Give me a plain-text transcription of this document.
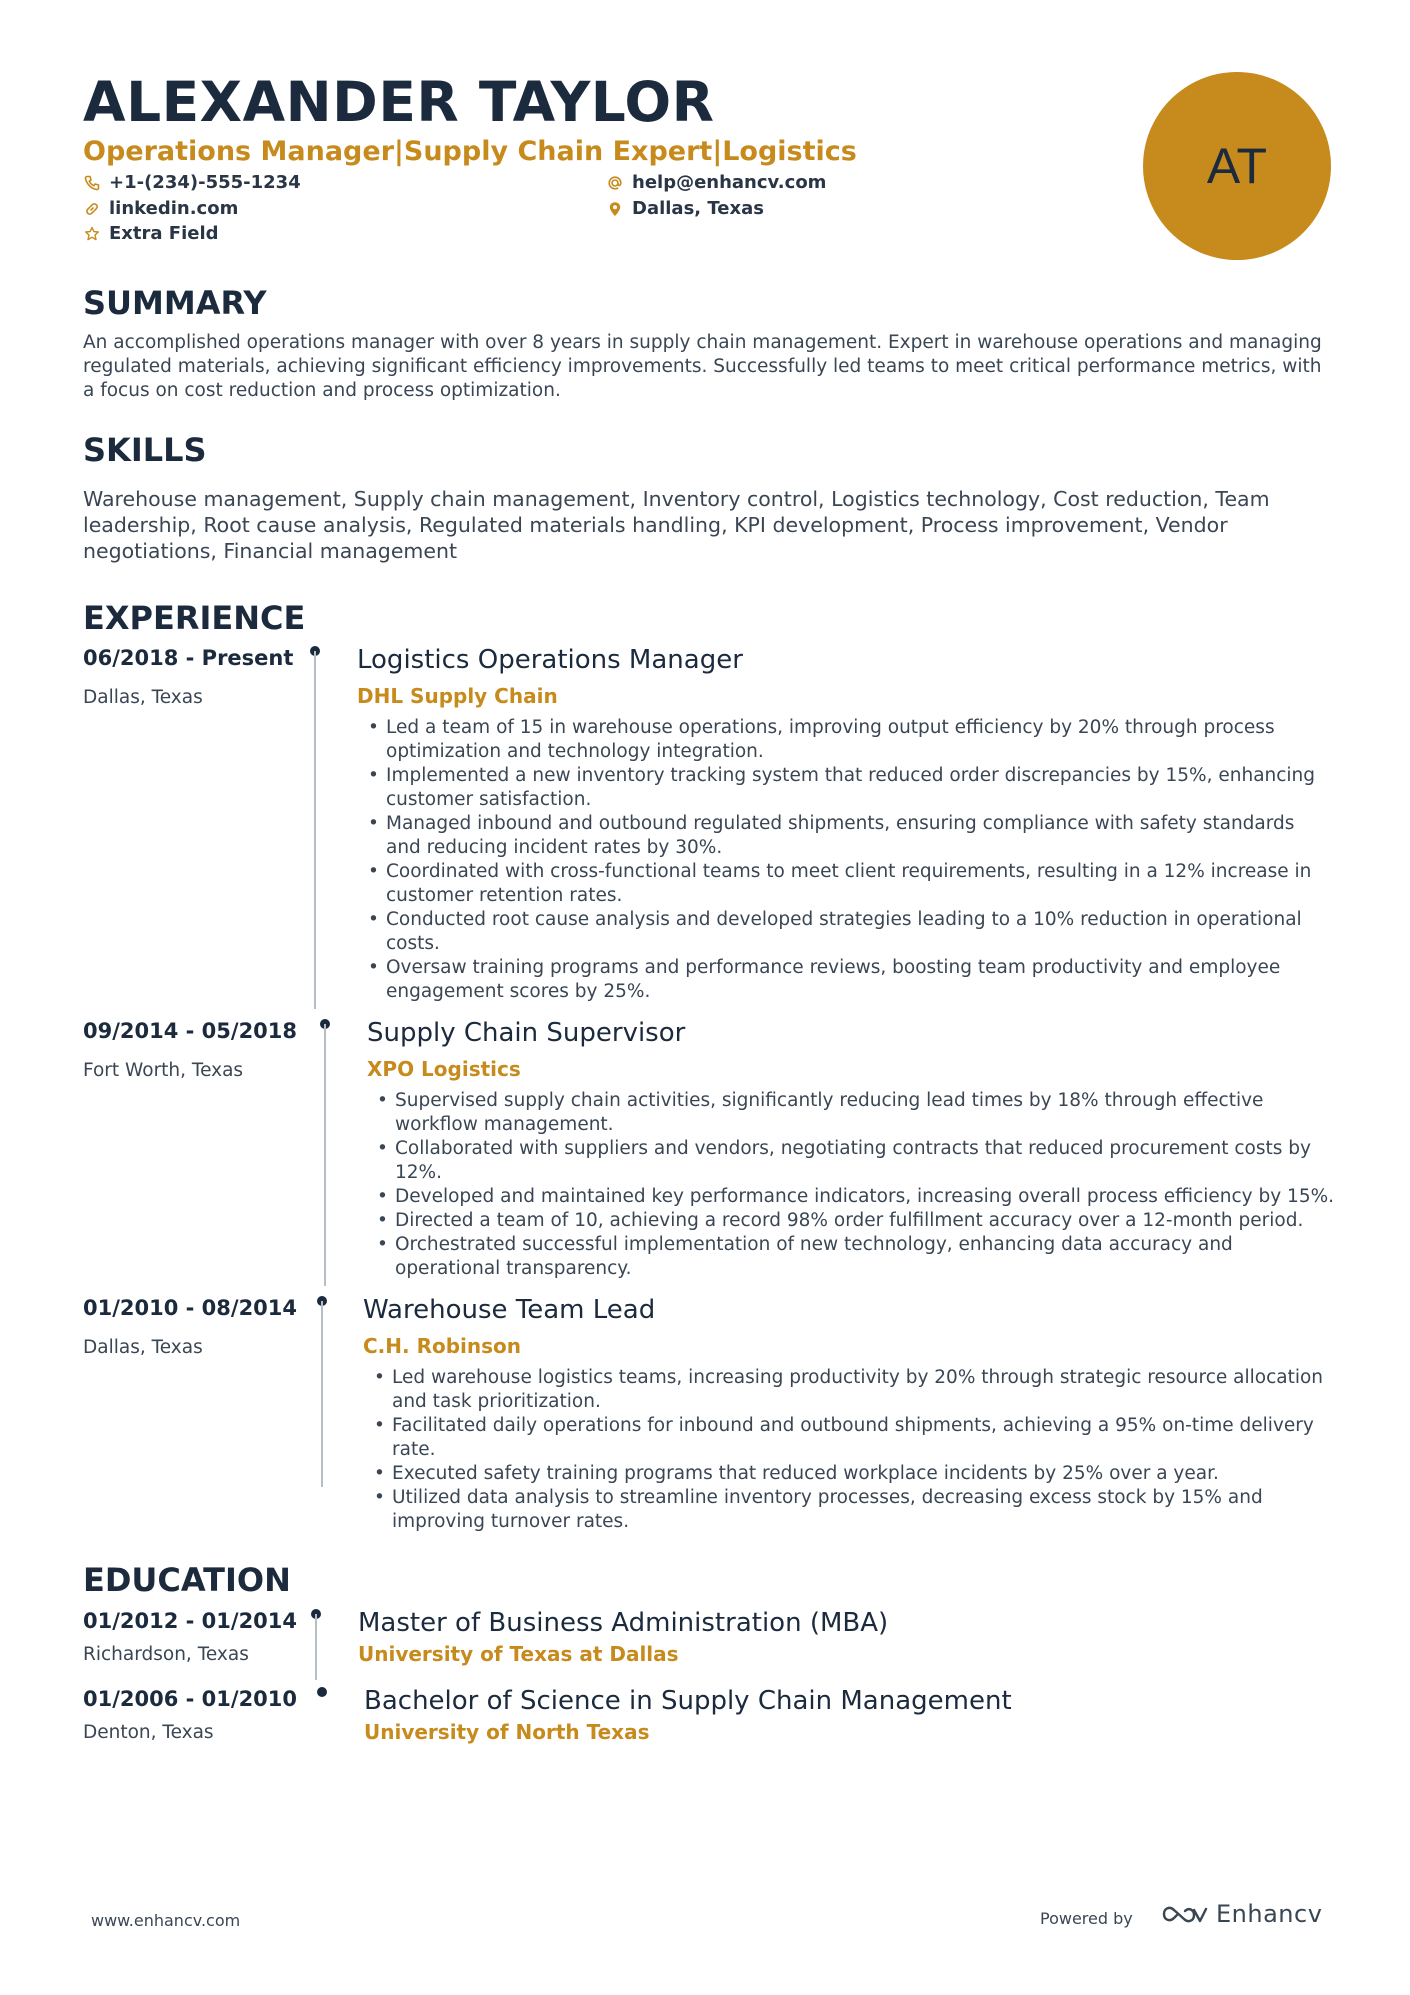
ALEXANDER TAYLOR
Operations Manager|Supply Chain Expert|Logistics
+1-(234)-555-1234	help@enhancv.com
linkedin.com	Dallas, Texas
Extra Field
AT
SUMMARY
An accomplished operations manager with over 8 years in supply chain management. Expert in warehouse operations and managing regulated materials, achieving significant efficiency improvements. Successfully led teams to meet critical performance metrics, with a focus on cost reduction and process optimization.
SKILLS
Warehouse management, Supply chain management, Inventory control, Logistics technology, Cost reduction, Team leadership, Root cause analysis, Regulated materials handling, KPI development, Process improvement, Vendor negotiations, Financial management
EXPERIENCE
06/2018 - Present
Dallas, Texas
Logistics Operations Manager
DHL Supply Chain
• Led a team of 15 in warehouse operations, improving output efficiency by 20% through process optimization and technology integration.
• Implemented a new inventory tracking system that reduced order discrepancies by 15%, enhancing customer satisfaction.
• Managed inbound and outbound regulated shipments, ensuring compliance with safety standards and reducing incident rates by 30%.
• Coordinated with cross-functional teams to meet client requirements, resulting in a 12% increase in customer retention rates.
• Conducted root cause analysis and developed strategies leading to a 10% reduction in operational costs.
• Oversaw training programs and performance reviews, boosting team productivity and employee engagement scores by 25%.
09/2014 - 05/2018
Fort Worth, Texas
Supply Chain Supervisor
XPO Logistics
• Supervised supply chain activities, significantly reducing lead times by 18% through effective workflow management.
• Collaborated with suppliers and vendors, negotiating contracts that reduced procurement costs by 12%.
• Developed and maintained key performance indicators, increasing overall process efficiency by 15%.
• Directed a team of 10, achieving a record 98% order fulfillment accuracy over a 12-month period.
• Orchestrated successful implementation of new technology, enhancing data accuracy and operational transparency.
01/2010 - 08/2014
Dallas, Texas
Warehouse Team Lead
C.H. Robinson
• Led warehouse logistics teams, increasing productivity by 20% through strategic resource allocation and task prioritization.
• Facilitated daily operations for inbound and outbound shipments, achieving a 95% on-time delivery rate.
• Executed safety training programs that reduced workplace incidents by 25% over a year.
• Utilized data analysis to streamline inventory processes, decreasing excess stock by 15% and improving turnover rates.
EDUCATION
01/2012 - 01/2014
Richardson, Texas
Master of Business Administration (MBA)
University of Texas at Dallas
01/2006 - 01/2010
Denton, Texas
Bachelor of Science in Supply Chain Management
University of North Texas
www.enhancv.com	Powered by	Enhancv
